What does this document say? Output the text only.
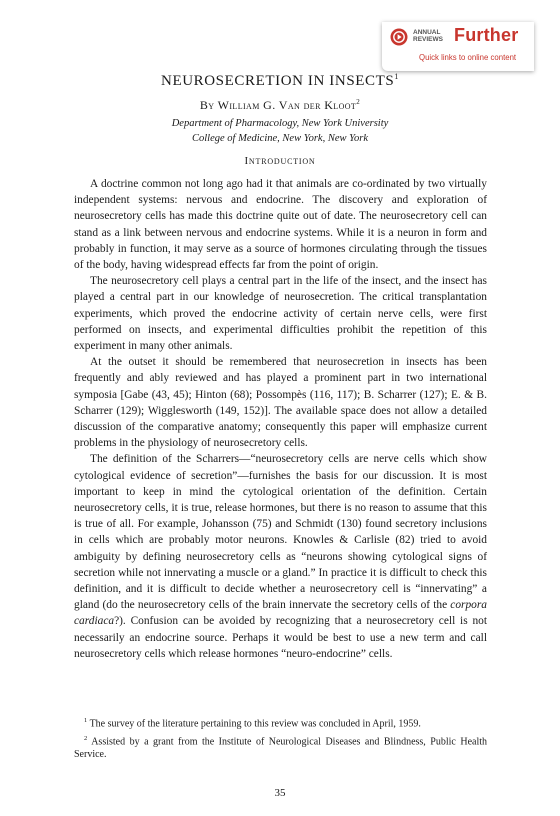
ANNUAL REVIEWS Further
Quick links to online content
NEUROSECRETION IN INSECTS$^1$
By William G. Van der Kloot$^2$
Department of Pharmacology, New York University
College of Medicine, New York, New York
Introduction

A doctrine common not long ago had it that animals are co-ordinated by two virtually independent systems: nervous and endocrine. The discovery and exploration of neurosecretory cells has made this doctrine quite out of date. The neurosecretory cell can stand as a link between nervous and endocrine systems. While it is a neuron in form and probably in function, it may serve as a source of hormones circulating through the tissues of the body, having widespread effects far from the point of origin.

The neurosecretory cell plays a central part in the life of the insect, and the insect has played a central part in our knowledge of neurosecretion. The critical transplantation experiments, which proved the endocrine activity of certain nerve cells, were first performed on insects, and experimental difficulties prohibit the repetition of this experiment in many other animals.

At the outset it should be remembered that neurosecretion in insects has been frequently and ably reviewed and has played a prominent part in two international symposia [Gabe (43, 45); Hinton (68); Possompès (116, 117); B. Scharrer (127); E. & B. Scharrer (129); Wigglesworth (149, 152)]. The available space does not allow a detailed discussion of the comparative anatomy; consequently this paper will emphasize current problems in the physiology of neurosecretory cells.

The definition of the Scharrers—“neurosecretory cells are nerve cells which show cytological evidence of secretion”—furnishes the basis for our discussion. It is most important to keep in mind the cytological orientation of the definition. Certain neurosecretory cells, it is true, release hormones, but there is no reason to assume that this is true of all. For example, Johansson (75) and Schmidt (130) found secretory inclusions in cells which are probably motor neurons. Knowles & Carlisle (82) tried to avoid ambiguity by defining neurosecretory cells as “neurons showing cytological signs of secretion while not innervating a muscle or a gland.” In practice it is difficult to check this definition, and it is difficult to decide whether a neurosecretory cell is “innervating” a gland (do the neurosecretory cells of the brain innervate the secretory cells of the corpora cardiaca?). Confusion can be avoided by recognizing that a neurosecretory cell is not necessarily an endocrine source. Perhaps it would be best to use a new term and call neurosecretory cells which release hormones “neuro-endocrine” cells.

$^1$ The survey of the literature pertaining to this review was concluded in April, 1959.

$^2$ Assisted by a grant from the Institute of Neurological Diseases and Blindness, Public Health Service.

35
